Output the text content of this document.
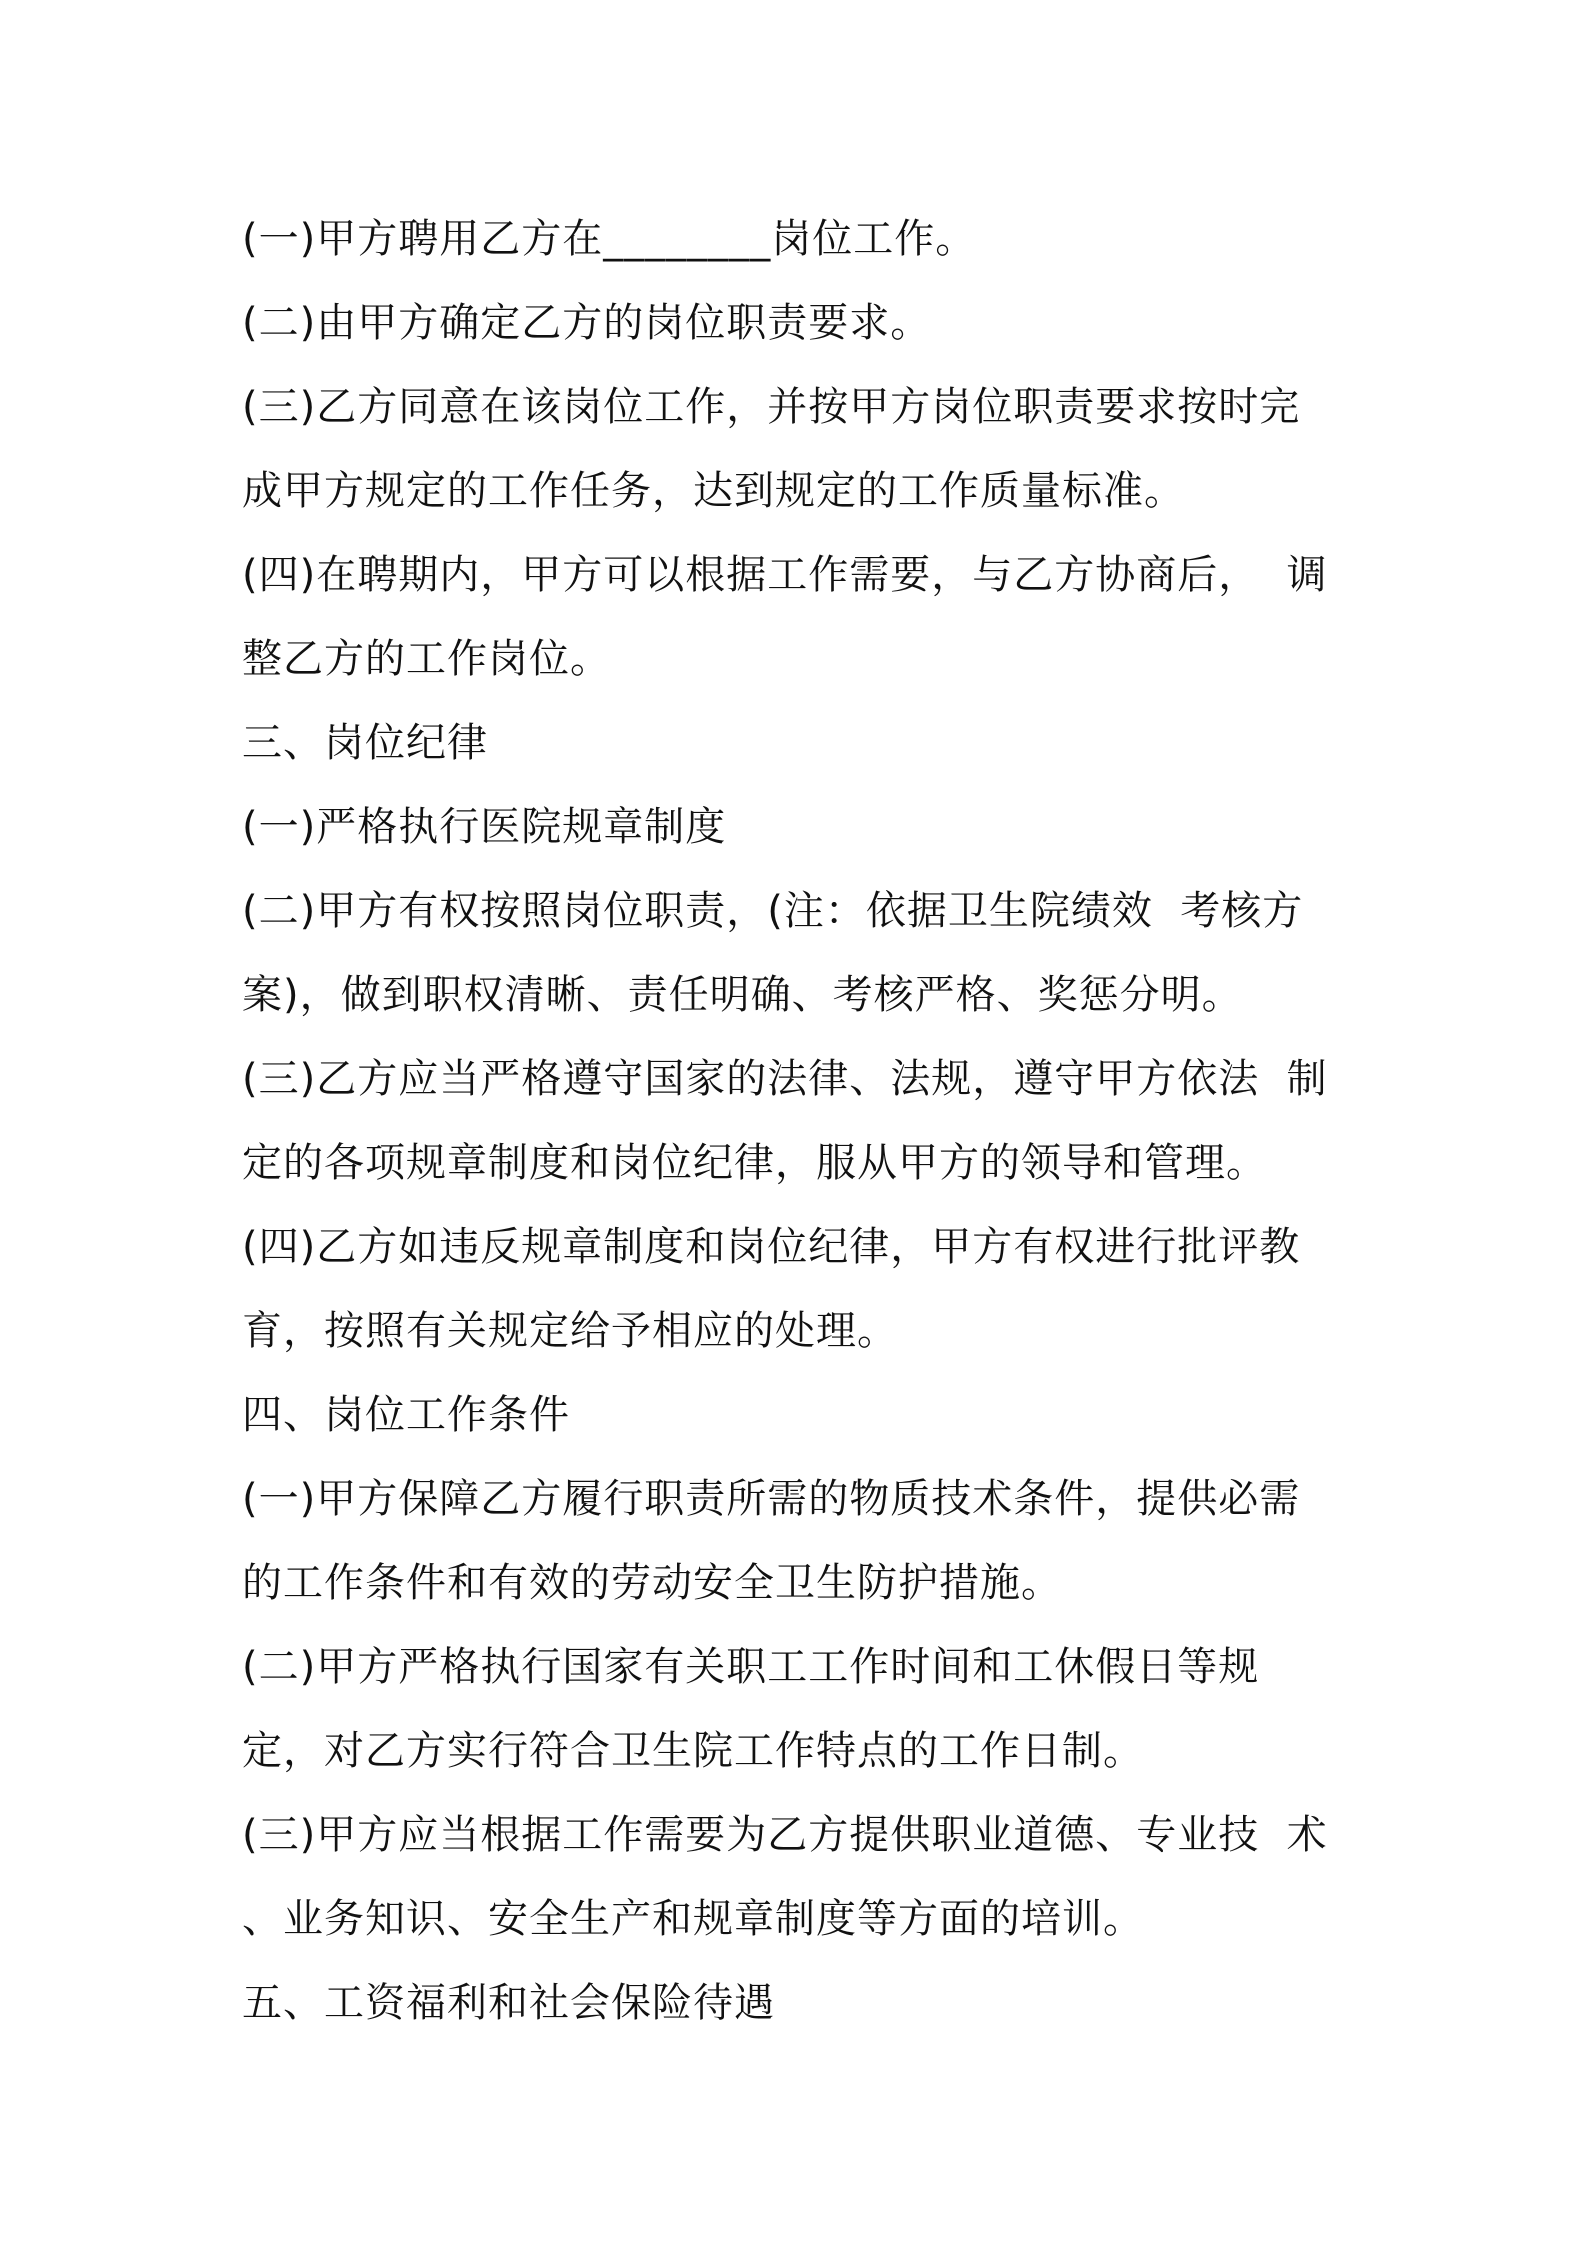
(一)甲方聘用乙方在________岗位工作。
(二)由甲方确定乙方的岗位职责要求。
(三)乙方同意在该岗位工作，并按甲方岗位职责要求按时完
成甲方规定的工作任务，达到规定的工作质量标准。
(四)在聘期内，甲方可以根据工作需要，与乙方协商后，  调
整乙方的工作岗位。
三、岗位纪律
(一)严格执行医院规章制度
(二)甲方有权按照岗位职责，(注：依据卫生院绩效  考核方
案)，做到职权清晰、责任明确、考核严格、奖惩分明。
(三)乙方应当严格遵守国家的法律、法规，遵守甲方依法  制
定的各项规章制度和岗位纪律，服从甲方的领导和管理。
(四)乙方如违反规章制度和岗位纪律，甲方有权进行批评教
育，按照有关规定给予相应的处理。
四、岗位工作条件
(一)甲方保障乙方履行职责所需的物质技术条件，提供必需
的工作条件和有效的劳动安全卫生防护措施。
(二)甲方严格执行国家有关职工工作时间和工休假日等规
定，对乙方实行符合卫生院工作特点的工作日制。
(三)甲方应当根据工作需要为乙方提供职业道德、专业技  术
、业务知识、安全生产和规章制度等方面的培训。
五、工资福利和社会保险待遇
